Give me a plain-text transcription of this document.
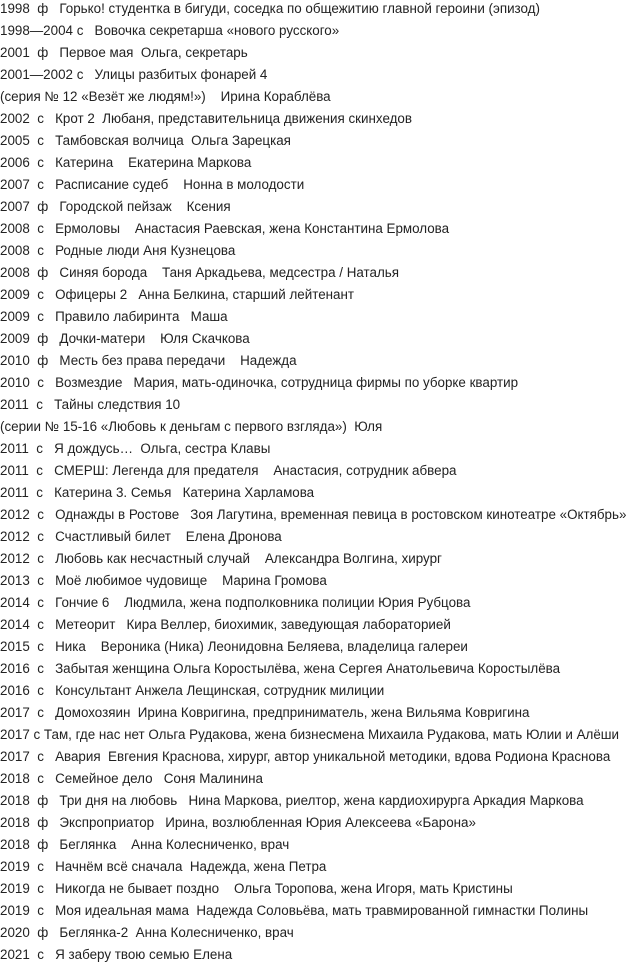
1998  ф   Горько! студентка в бигуди, соседка по общежитию главной героини (эпизод)
1998—2004 с   Вовочка секретарша «нового русского»
2001  ф   Первое мая  Ольга, секретарь
2001—2002 с   Улицы разбитых фонарей 4
(серия № 12 «Везёт же людям!»)    Ирина Кораблёва
2002  с   Крот 2  Любаня, представительница движения скинхедов
2005  с   Тамбовская волчица  Ольга Зарецкая
2006  с   Катерина    Екатерина Маркова
2007  с   Расписание судеб    Нонна в молодости
2007  ф   Городской пейзаж    Ксения
2008  с   Ермоловы    Анастасия Раевская, жена Константина Ермолова
2008  с   Родные люди Аня Кузнецова
2008  ф   Синяя борода    Таня Аркадьева, медсестра / Наталья
2009  с   Офицеры 2   Анна Белкина, старший лейтенант
2009  с   Правило лабиринта   Маша
2009  ф   Дочки-матери    Юля Скачкова
2010  ф   Месть без права передачи    Надежда
2010  с   Возмездие   Мария, мать-одиночка, сотрудница фирмы по уборке квартир
2011  с   Тайны следствия 10
(серии № 15-16 «Любовь к деньгам с первого взгляда»)  Юля
2011  с   Я дождусь…  Ольга, сестра Клавы
2011  с   СМЕРШ: Легенда для предателя    Анастасия, сотрудник абвера
2011  с   Катерина 3. Семья   Катерина Харламова
2012  с   Однажды в Ростове   Зоя Лагутина, временная певица в ростовском кинотеатре «Октябрь»
2012  с   Счастливый билет    Елена Дронова
2012  с   Любовь как несчастный случай    Александра Волгина, хирург
2013  с   Моё любимое чудовище    Марина Громова
2014  с   Гончие 6    Людмила, жена подполковника полиции Юрия Рубцова
2014  с   Метеорит   Кира Веллер, биохимик, заведующая лабораторией
2015  с   Ника    Вероника (Ника) Леонидовна Беляева, владелица галереи
2016  с   Забытая женщина Ольга Коростылёва, жена Сергея Анатольевича Коростылёва
2016  с   Консультант Анжела Лещинская, сотрудник милиции
2017  с   Домохозяин  Ирина Ковригина, предприниматель, жена Вильяма Ковригина
2017 с Там, где нас нет Ольга Рудакова, жена бизнесмена Михаила Рудакова, мать Юлии и Алёши
2017  с   Авария  Евгения Краснова, хирург, автор уникальной методики, вдова Родиона Краснова
2018  с   Семейное дело   Соня Малинина
2018  ф   Три дня на любовь   Нина Маркова, риелтор, жена кардиохирурга Аркадия Маркова
2018  ф   Экспроприатор   Ирина, возлюбленная Юрия Алексеева «Барона»
2018  ф   Беглянка    Анна Колесниченко, врач
2019  с   Начнём всё сначала  Надежда, жена Петра
2019  с   Никогда не бывает поздно    Ольга Торопова, жена Игоря, мать Кристины
2019  с   Моя идеальная мама  Надежда Соловьёва, мать травмированной гимнастки Полины
2020  ф   Беглянка-2  Анна Колесниченко, врач
2021  с   Я заберу твою семью Елена
